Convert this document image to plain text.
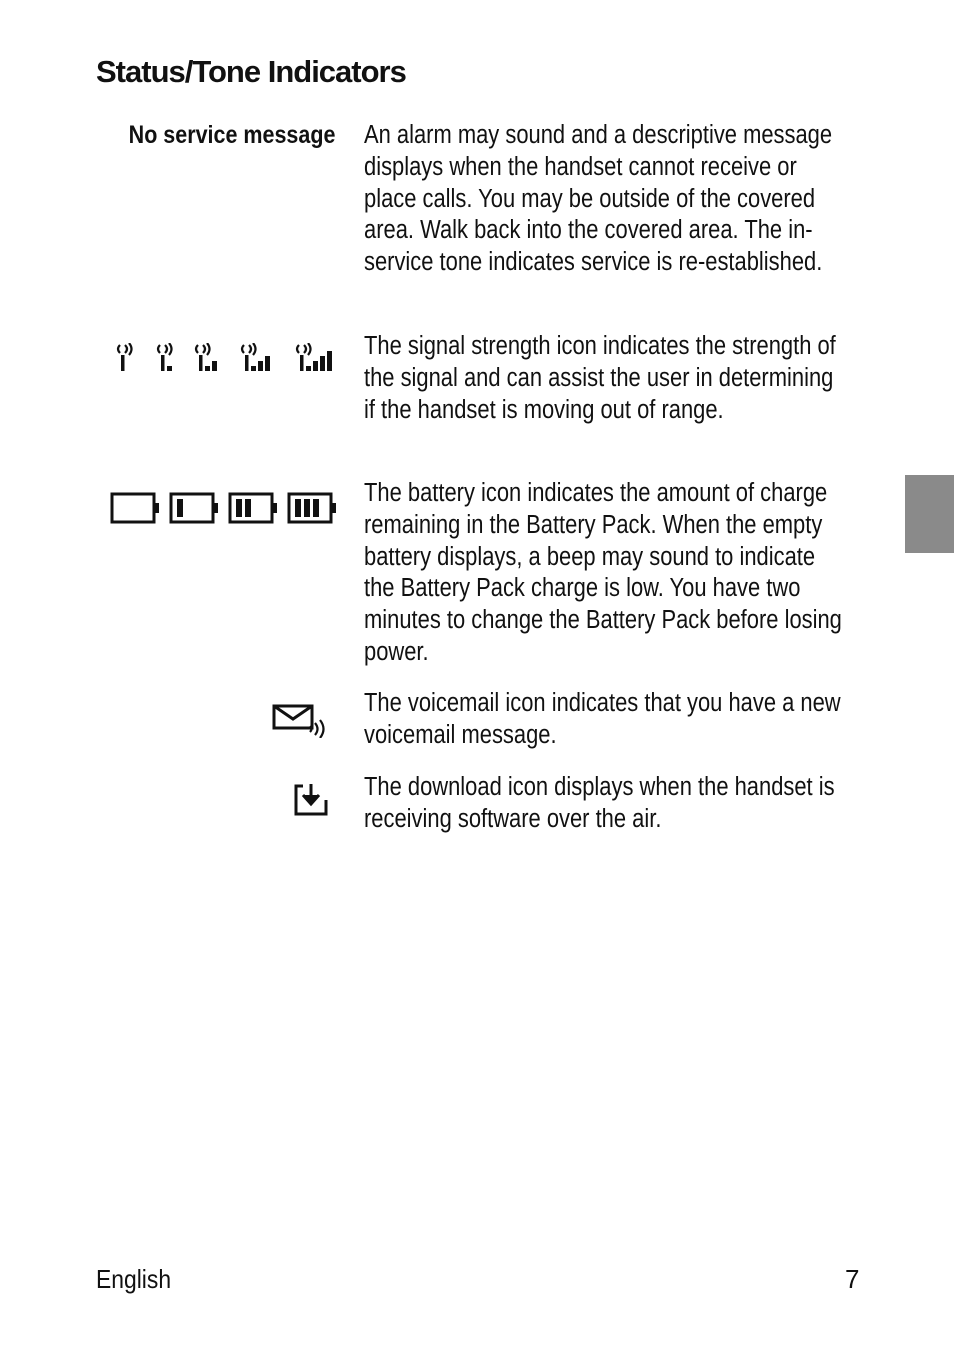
Status/Tone Indicators
No service message An alarm may sound and a descriptive message displays when the handset cannot receive or place calls. You may be outside of the covered area. Walk back into the covered area. The in-service tone indicates service is re-established.
The signal strength icon indicates the strength of the signal and can assist the user in determining if the handset is moving out of range.
The battery icon indicates the amount of charge remaining in the Battery Pack. When the empty battery displays, a beep may sound to indicate the Battery Pack charge is low. You have two minutes to change the Battery Pack before losing power.
The voicemail icon indicates that you have a new voicemail message.
The download icon displays when the handset is receiving software over the air.
English	7
